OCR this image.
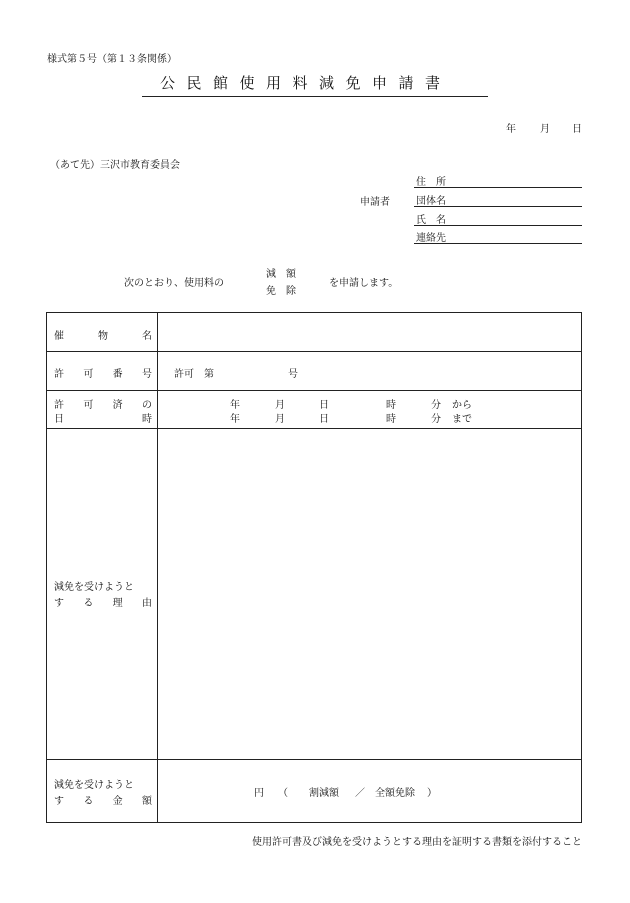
様式第５号（第１３条関係）
公民館使用料減免申請書
年 月 日
（あて先）三沢市教育委員会
申請者
住　所
団体名
氏　名
連絡先
次のとおり、使用料の
減　額
免　除
を申請します。
催	物	名
許 可 番 号 許可　第	号
許 可 済 の
日	時
年	月	日	時	分 から
年	月	日	時	分 まで
減免を受けようと
す る 理 由
減免を受けようと
す る 金 額
円 （ 割減額 ／ 全額免除 ）
使用許可書及び減免を受けようとする理由を証明する書類を添付すること
